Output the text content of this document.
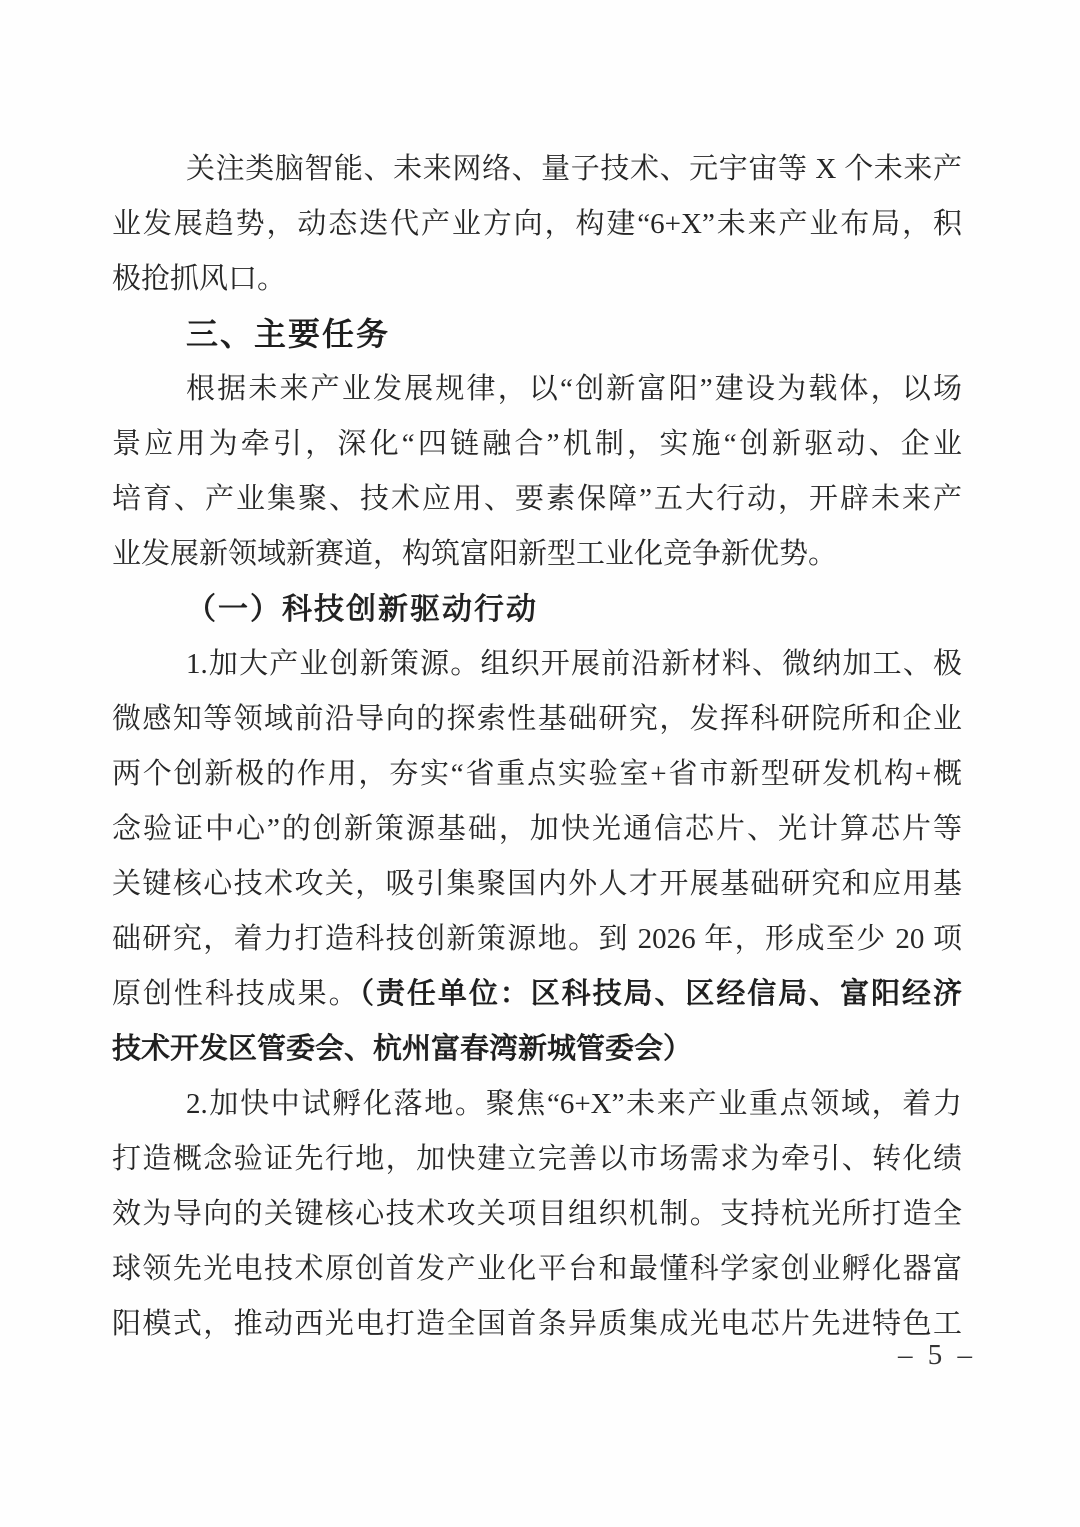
关注类脑智能、未来网络、量子技术、元宇宙等 X 个未来产

业发展趋势，动态迭代产业方向，构建“6+X”未来产业布局，积

极抢抓风口。

三、主要任务

根据未来产业发展规律，以“创新富阳”建设为载体，以场

景应用为牵引，深化“四链融合”机制，实施“创新驱动、企业

培育、产业集聚、技术应用、要素保障”五大行动，开辟未来产

业发展新领域新赛道，构筑富阳新型工业化竞争新优势。

（一）科技创新驱动行动

1.加大产业创新策源。组织开展前沿新材料、微纳加工、极

微感知等领域前沿导向的探索性基础研究，发挥科研院所和企业

两个创新极的作用，夯实“省重点实验室+省市新型研发机构+概

念验证中心”的创新策源基础，加快光通信芯片、光计算芯片等

关键核心技术攻关，吸引集聚国内外人才开展基础研究和应用基

础研究，着力打造科技创新策源地。到 2026 年，形成至少 20 项

原创性科技成果。（责任单位：区科技局、区经信局、富阳经济

技术开发区管委会、杭州富春湾新城管委会）

2.加快中试孵化落地。聚焦“6+X”未来产业重点领域，着力

打造概念验证先行地，加快建立完善以市场需求为牵引、转化绩

效为导向的关键核心技术攻关项目组织机制。支持杭光所打造全

球领先光电技术原创首发产业化平台和最懂科学家创业孵化器富

阳模式，推动西光电打造全国首条异质集成光电芯片先进特色工

– 5 –
